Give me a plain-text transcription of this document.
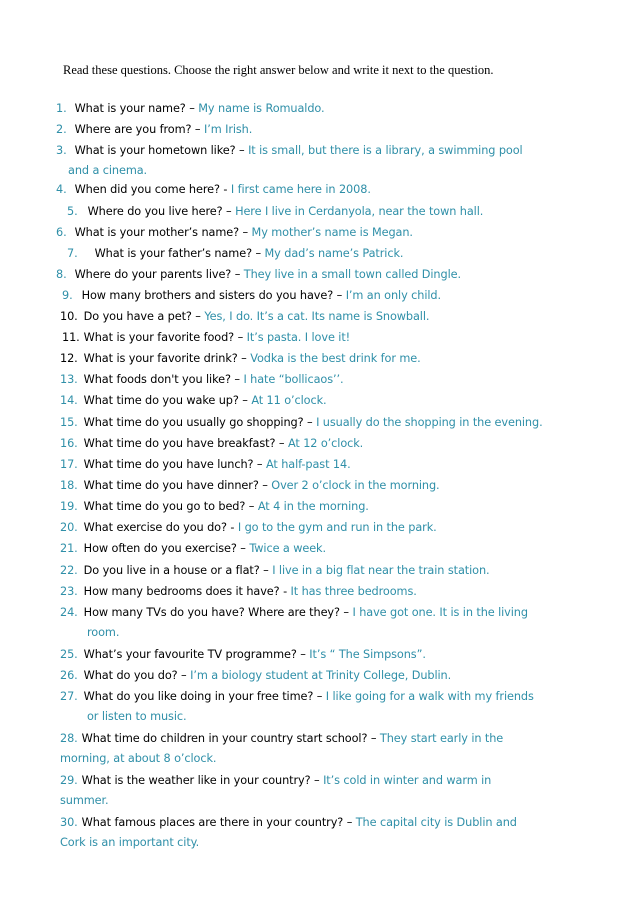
Read these questions. Choose the right answer below and write it next to the question.
1. What is your name? – My name is Romualdo.
2. Where are you from? – I’m Irish.
3. What is your hometown like? – It is small, but there is a library, a swimming pool
and a cinema.
4. When did you come here? - I first came here in 2008.
5. Where do you live here? – Here I live in Cerdanyola, near the town hall.
6. What is your mother’s name? – My mother’s name is Megan.
7. What is your father’s name? – My dad’s name’s Patrick.
8. Where do your parents live? – They live in a small town called Dingle.
9. How many brothers and sisters do you have? – I’m an only child.
10. Do you have a pet? – Yes, I do. It’s a cat. Its name is Snowball.
11. What is your favorite food? – It’s pasta. I love it!
12. What is your favorite drink? – Vodka is the best drink for me.
13. What foods don't you like? – I hate “bollicaos’’.
14. What time do you wake up? – At 11 o’clock.
15. What time do you usually go shopping? – I usually do the shopping in the evening.
16. What time do you have breakfast? – At 12 o’clock.
17. What time do you have lunch? – At half-past 14.
18. What time do you have dinner? – Over 2 o’clock in the morning.
19. What time do you go to bed? – At 4 in the morning.
20. What exercise do you do? - I go to the gym and run in the park.
21. How often do you exercise? – Twice a week.
22. Do you live in a house or a flat? – I live in a big flat near the train station.
23. How many bedrooms does it have? - It has three bedrooms.
24. How many TVs do you have? Where are they? – I have got one. It is in the living
room.
25. What’s your favourite TV programme? – It’s “ The Simpsons”.
26. What do you do? – I’m a biology student at Trinity College, Dublin.
27. What do you like doing in your free time? – I like going for a walk with my friends
or listen to music.
28. What time do children in your country start school? – They start early in the
morning, at about 8 o’clock.
29. What is the weather like in your country? – It’s cold in winter and warm in
summer.
30. What famous places are there in your country? – The capital city is Dublin and
Cork is an important city.
